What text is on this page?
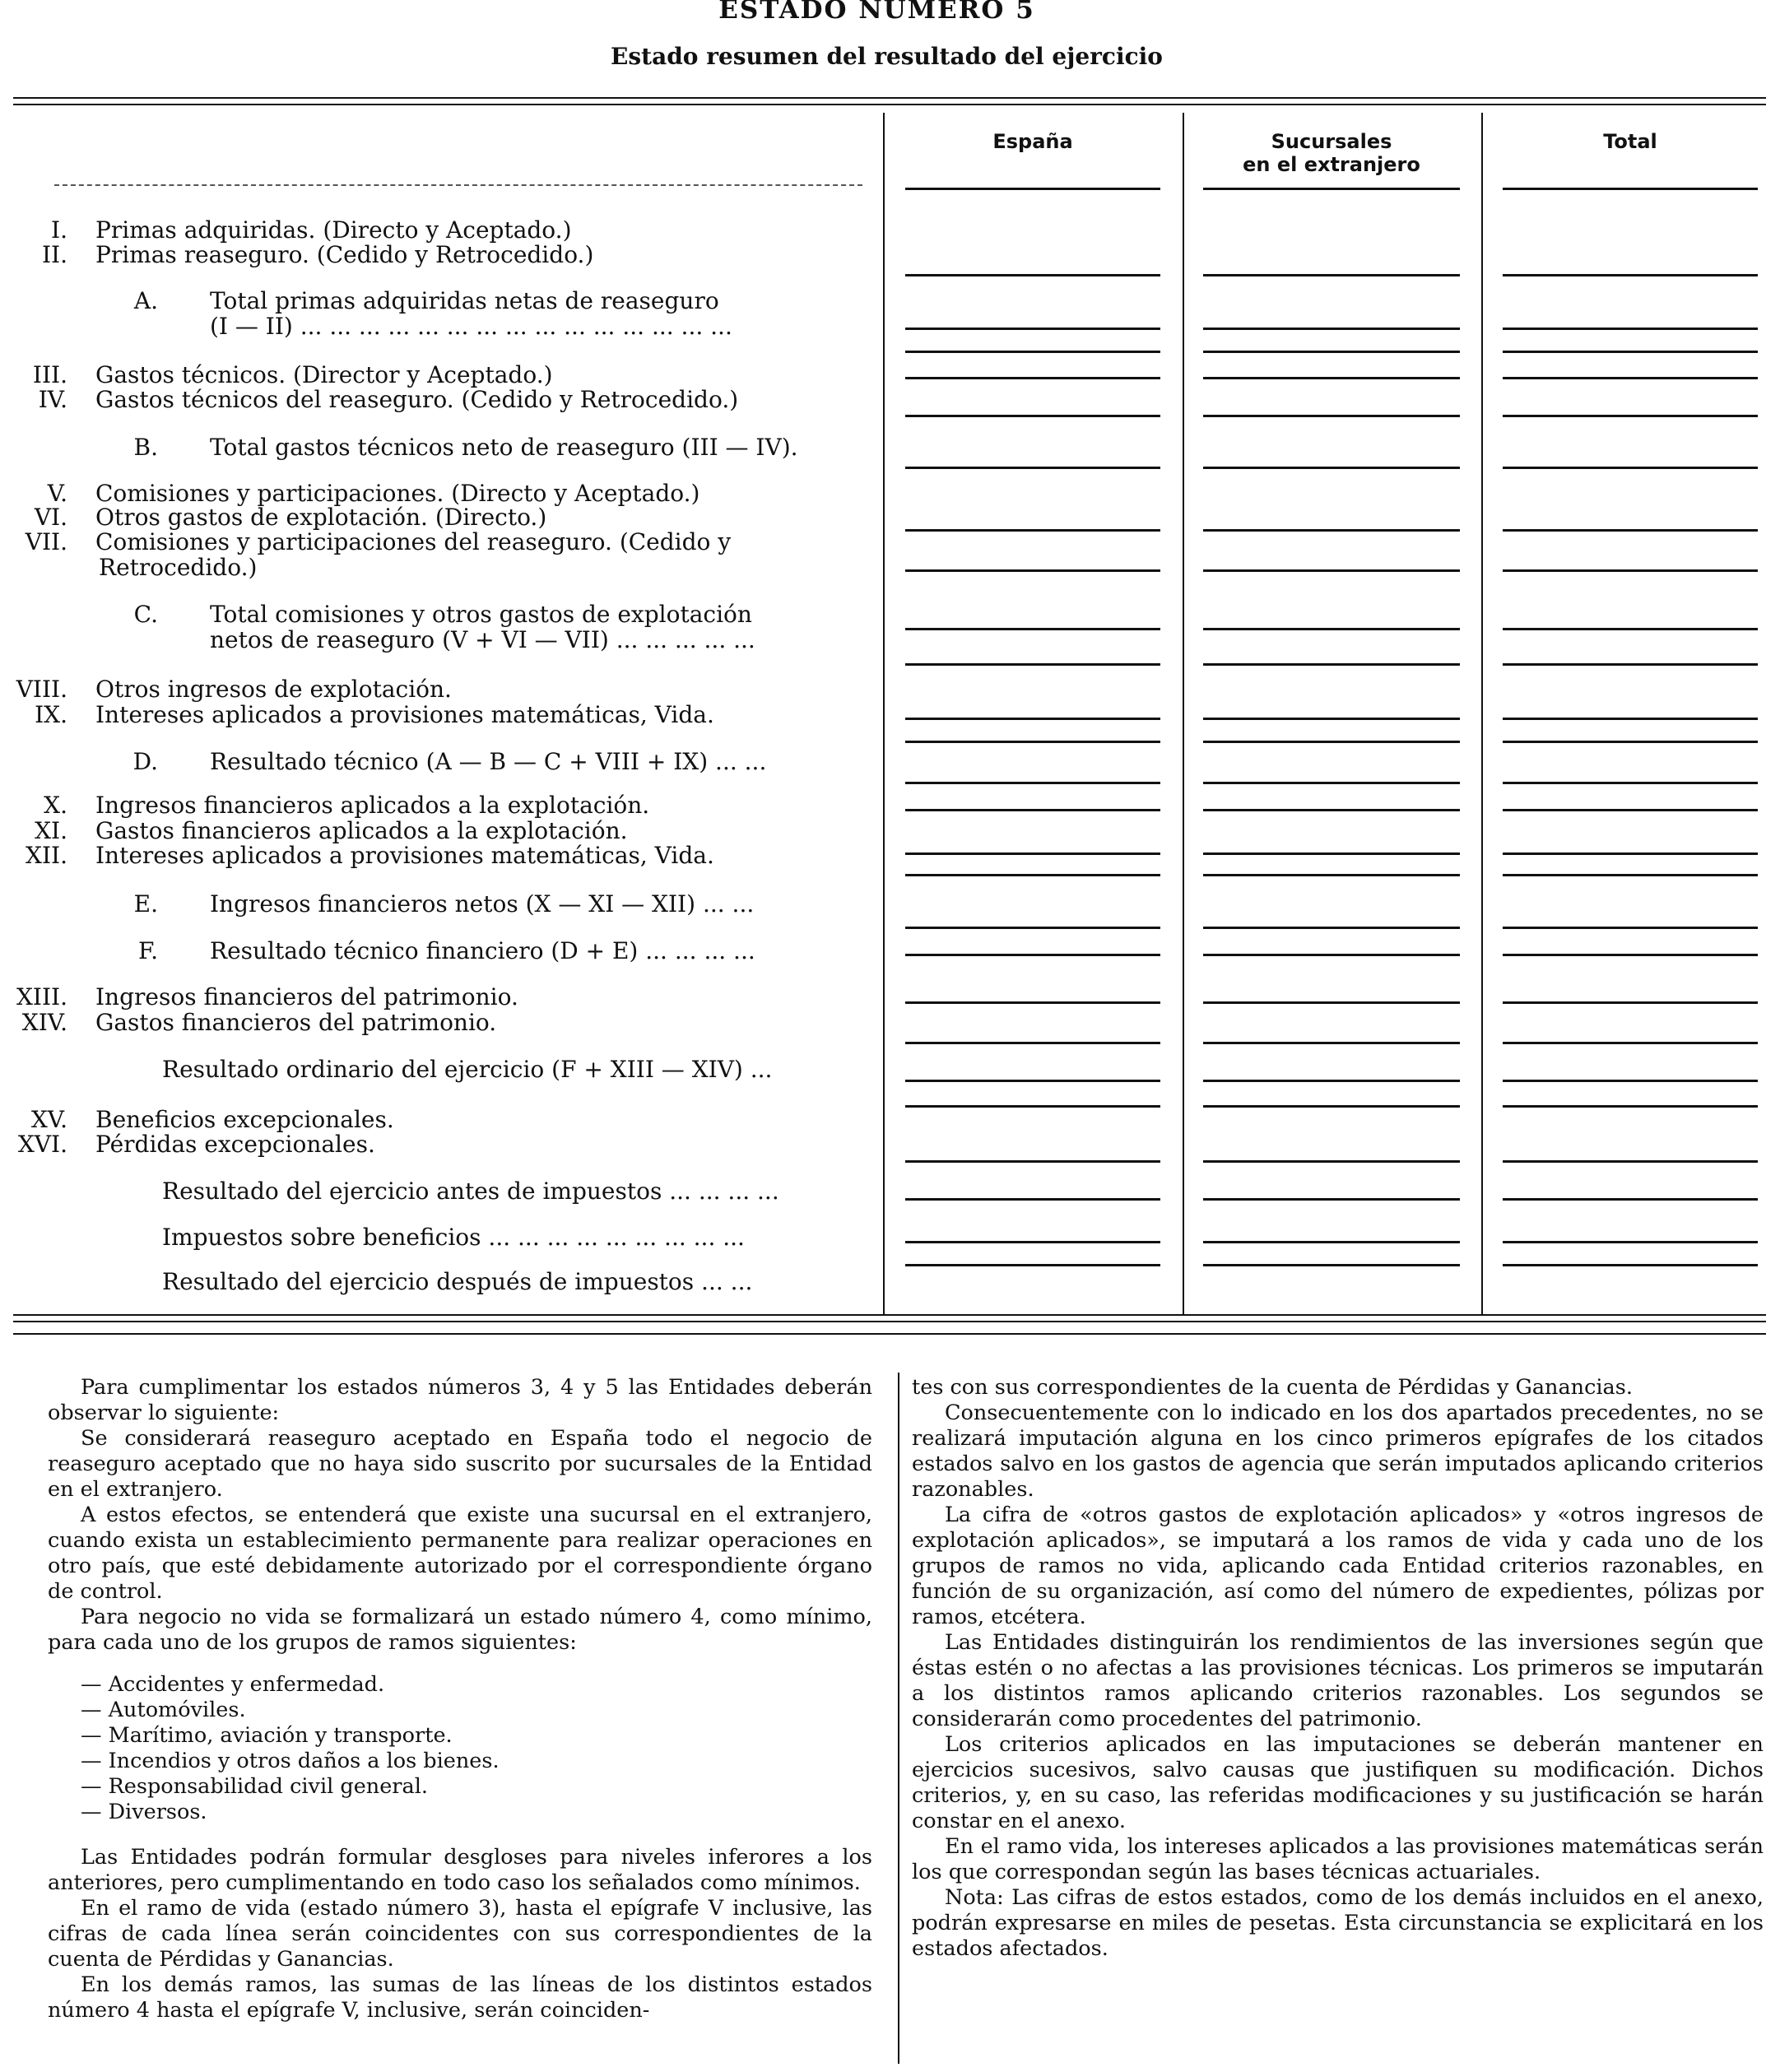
ESTADO NUMERO 5
Estado resumen del resultado del ejercicio
España	Sucursales
en el extranjero
Total
I. Primas adquiridas. (Directo y Aceptado.)
II. Primas reaseguro. (Cedido y Retrocedido.)
A. Total primas adquiridas netas de reaseguro
(I — II) ... ... ... ... ... ... ... ... ... ... ... ... ... ... ...
III. Gastos técnicos. (Director y Aceptado.)
IV. Gastos técnicos del reaseguro. (Cedido y Retrocedido.)
B. Total gastos técnicos neto de reaseguro (III — IV).
V. Comisiones y participaciones. (Directo y Aceptado.)
VI. Otros gastos de explotación. (Directo.)
VII. Comisiones y participaciones del reaseguro. (Cedido y
Retrocedido.)
C. Total comisiones y otros gastos de explotación
netos de reaseguro (V + VI — VII) ... ... ... ... ...
VIII. Otros ingresos de explotación.
IX. Intereses aplicados a provisiones matemáticas, Vida.
D. Resultado técnico (A — B — C + VIII + IX) ... ...
X. Ingresos financieros aplicados a la explotación.
XI. Gastos financieros aplicados a la explotación.
XII. Intereses aplicados a provisiones matemáticas, Vida.
E. Ingresos financieros netos (X — XI — XII) ... ...
F. Resultado técnico financiero (D + E) ... ... ... ...
XIII. Ingresos financieros del patrimonio.
XIV. Gastos financieros del patrimonio.
Resultado ordinario del ejercicio (F + XIII — XIV) ...
XV. Beneficios excepcionales.
XVI. Pérdidas excepcionales.
Resultado del ejercicio antes de impuestos ... ... ... ...
Impuestos sobre beneficios ... ... ... ... ... ... ... ... ...
Resultado del ejercicio después de impuestos ... ...

Para cumplimentar los estados números 3, 4 y 5 las Entidades deberán observar lo siguiente:

Se considerará reaseguro aceptado en España todo el negocio de reaseguro aceptado que no haya sido suscrito por sucursales de la Entidad en el extranjero.

A estos efectos, se entenderá que existe una sucursal en el extranjero, cuando exista un establecimiento permanente para realizar operaciones en otro país, que esté debidamente autorizado por el correspondiente órgano de control.

Para negocio no vida se formalizará un estado número 4, como mínimo, para cada uno de los grupos de ramos siguientes:

— Accidentes y enfermedad.
— Automóviles.
— Marítimo, aviación y transporte.
— Incendios y otros daños a los bienes.
— Responsabilidad civil general.
— Diversos.

Las Entidades podrán formular desgloses para niveles inferores a los anteriores, pero cumplimentando en todo caso los señalados como mínimos.

En el ramo de vida (estado número 3), hasta el epígrafe V inclusive, las cifras de cada línea serán coincidentes con sus correspondientes de la cuenta de Pérdidas y Ganancias.

En los demás ramos, las sumas de las líneas de los distintos estados número 4 hasta el epígrafe V, inclusive, serán coinciden-

tes con sus correspondientes de la cuenta de Pérdidas y Ganancias.

Consecuentemente con lo indicado en los dos apartados precedentes, no se realizará imputación alguna en los cinco primeros epígrafes de los citados estados salvo en los gastos de agencia que serán imputados aplicando criterios razonables.

La cifra de «otros gastos de explotación aplicados» y «otros ingresos de explotación aplicados», se imputará a los ramos de vida y cada uno de los grupos de ramos no vida, aplicando cada Entidad criterios razonables, en función de su organización, así como del número de expedientes, pólizas por ramos, etcétera.

Las Entidades distinguirán los rendimientos de las inversiones según que éstas estén o no afectas a las provisiones técnicas. Los primeros se imputarán a los distintos ramos aplicando criterios razonables. Los segundos se considerarán como procedentes del patrimonio.

Los criterios aplicados en las imputaciones se deberán mantener en ejercicios sucesivos, salvo causas que justifiquen su modificación. Dichos criterios, y, en su caso, las referidas modificaciones y su justificación se harán constar en el anexo.

En el ramo vida, los intereses aplicados a las provisiones matemáticas serán los que correspondan según las bases técnicas actuariales.

Nota: Las cifras de estos estados, como de los demás incluidos en el anexo, podrán expresarse en miles de pesetas. Esta circunstancia se explicitará en los estados afectados.
